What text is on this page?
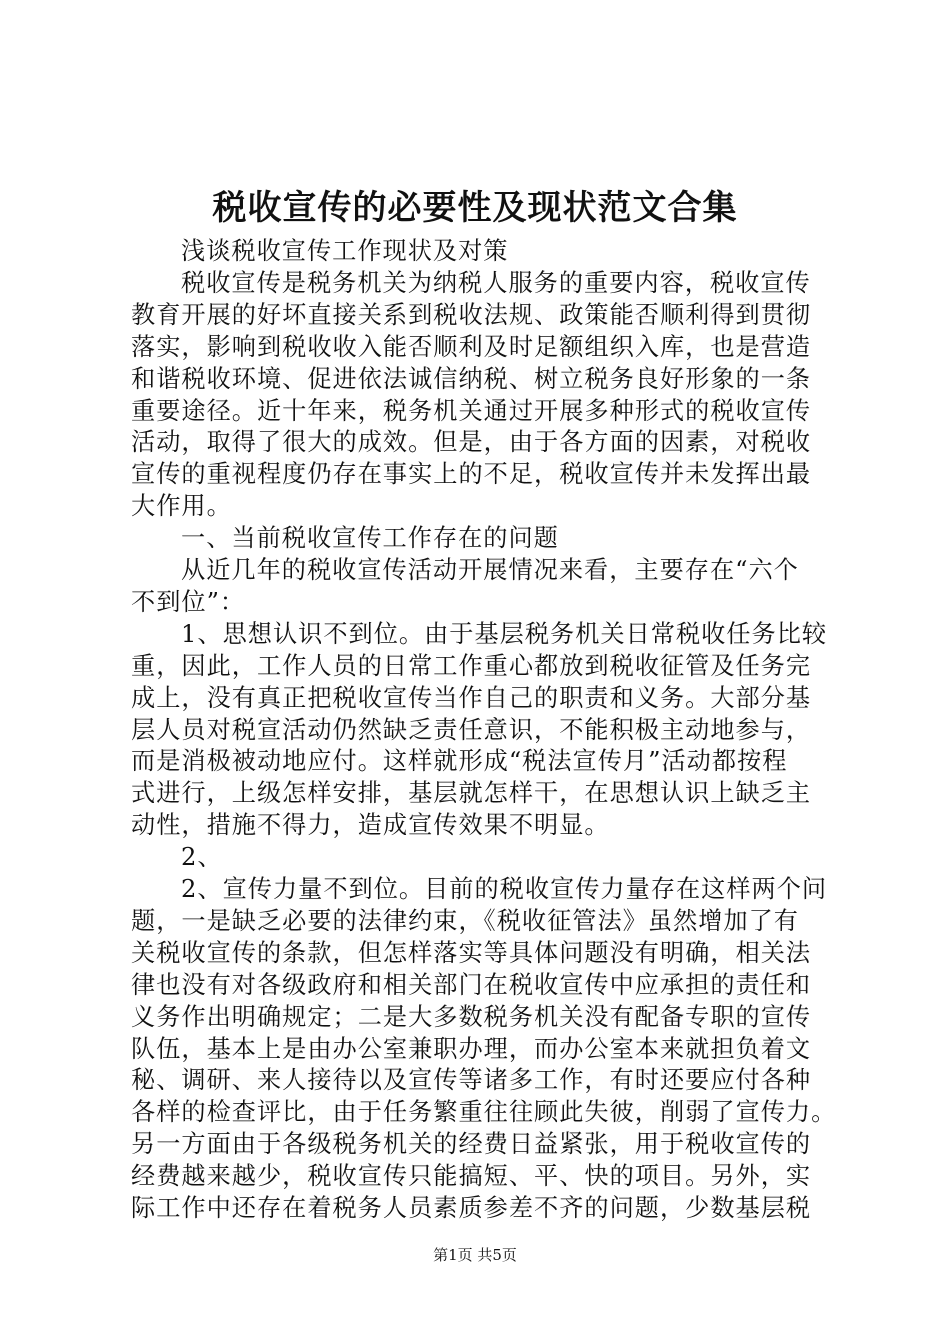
税收宣传的必要性及现状范文合集
浅谈税收宣传工作现状及对策
税收宣传是税务机关为纳税人服务的重要内容，税收宣传
教育开展的好坏直接关系到税收法规、政策能否顺利得到贯彻
落实，影响到税收收入能否顺利及时足额组织入库，也是营造
和谐税收环境、促进依法诚信纳税、树立税务良好形象的一条
重要途径。近十年来，税务机关通过开展多种形式的税收宣传
活动，取得了很大的成效。但是，由于各方面的因素，对税收
宣传的重视程度仍存在事实上的不足，税收宣传并未发挥出最
大作用。
一、当前税收宣传工作存在的问题
从近几年的税收宣传活动开展情况来看，主要存在“六个
不到位”：
1、思想认识不到位。由于基层税务机关日常税收任务比较
重，因此，工作人员的日常工作重心都放到税收征管及任务完
成上，没有真正把税收宣传当作自己的职责和义务。大部分基
层人员对税宣活动仍然缺乏责任意识，不能积极主动地参与，
而是消极被动地应付。这样就形成“税法宣传月”活动都按程
式进行，上级怎样安排，基层就怎样干，在思想认识上缺乏主
动性，措施不得力，造成宣传效果不明显。
2、
2、宣传力量不到位。目前的税收宣传力量存在这样两个问
题，一是缺乏必要的法律约束，《税收征管法》虽然增加了有
关税收宣传的条款，但怎样落实等具体问题没有明确，相关法
律也没有对各级政府和相关部门在税收宣传中应承担的责任和
义务作出明确规定；二是大多数税务机关没有配备专职的宣传
队伍，基本上是由办公室兼职办理，而办公室本来就担负着文
秘、调研、来人接待以及宣传等诸多工作，有时还要应付各种
各样的检查评比，由于任务繁重往往顾此失彼，削弱了宣传力。
另一方面由于各级税务机关的经费日益紧张，用于税收宣传的
经费越来越少，税收宣传只能搞短、平、快的项目。另外，实
际工作中还存在着税务人员素质参差不齐的问题，少数基层税
第1页 共5页
